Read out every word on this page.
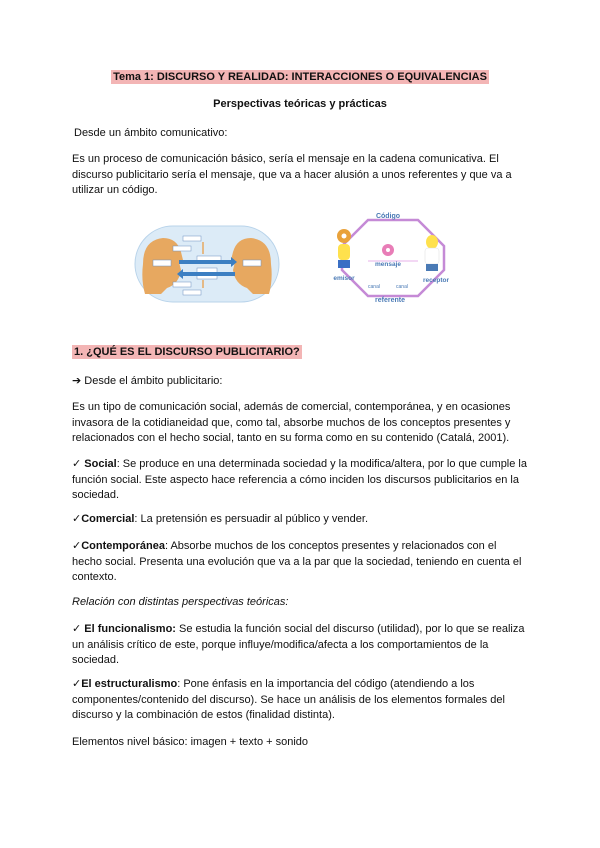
Tema 1: DISCURSO Y REALIDAD: INTERACCIONES O EQUIVALENCIAS
Perspectivas teóricas y prácticas
Desde un ámbito comunicativo:
Es un proceso de comunicación básico, sería el mensaje en la cadena comunicativa. El discurso publicitario sería el mensaje, que va a hacer alusión a unos referentes y que va a utilizar un código.
Código
emisor
mensaje
receptor
canal	canal
referente
1. ¿QUÉ ES EL DISCURSO PUBLICITARIO?
➔ Desde el ámbito publicitario:
Es un tipo de comunicación social, además de comercial, contemporánea, y en ocasiones invasora de la cotidianeidad que, como tal, absorbe muchos de los conceptos presentes y relacionados con el hecho social, tanto en su forma como en su contenido (Catalá, 2001).
✓ Social: Se produce en una determinada sociedad y la modifica/altera, por lo que cumple la función social. Este aspecto hace referencia a cómo inciden los discursos publicitarios en la sociedad.
✓Comercial: La pretensión es persuadir al público y vender.
✓Contemporánea: Absorbe muchos de los conceptos presentes y relacionados con el hecho social. Presenta una evolución que va a la par que la sociedad, teniendo en cuenta el contexto.
Relación con distintas perspectivas teóricas:
✓ El funcionalismo: Se estudia la función social del discurso (utilidad), por lo que se realiza un análisis crítico de este, porque influye/modifica/afecta a los comportamientos de la sociedad.
✓El estructuralismo: Pone énfasis en la importancia del código (atendiendo a los componentes/contenido del discurso). Se hace un análisis de los elementos formales del discurso y la combinación de estos (finalidad distinta).
Elementos nivel básico: imagen + texto + sonido
